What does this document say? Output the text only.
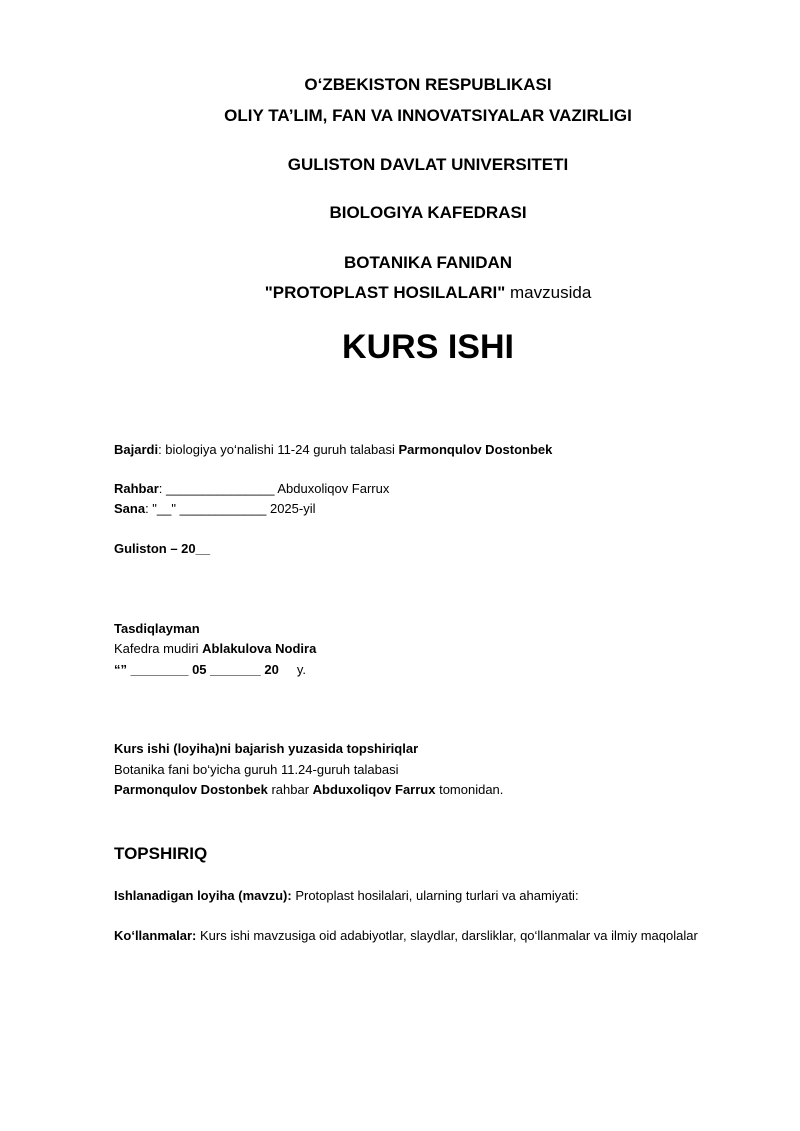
O‘ZBEKISTON RESPUBLIKASI
OLIY TA’LIM, FAN VA INNOVATSIYALAR VAZIRLIGI
GULISTON DAVLAT UNIVERSITETI
BIOLOGIYA KAFEDRASI
BOTANIKA FANIDAN
"PROTOPLAST HOSILALARI" mavzusida
KURS ISHI
Bajardi: biologiya yo‘nalishi 11-24 guruh talabasi Parmonqulov Dostonbek
Rahbar: _______________ Abduxoliqov Farrux
Sana: "__" ____________ 2025-yil
Guliston – 20__
Tasdiqlayman
Kafedra mudiri Ablakulova Nodira
“” ________ 05 _______ 20     y.
Kurs ishi (loyiha)ni bajarish yuzasida topshiriqlar
Botanika fani bo‘yicha guruh 11.24-guruh talabasi
Parmonqulov Dostonbek rahbar Abduxoliqov Farrux tomonidan.
TOPSHIRIQ
Ishlanadigan loyiha (mavzu): Protoplast hosilalari, ularning turlari va ahamiyati:
Ko‘llanmalar: Kurs ishi mavzusiga oid adabiyotlar, slaydlar, darsliklar, qo‘llanmalar va ilmiy maqolalar
